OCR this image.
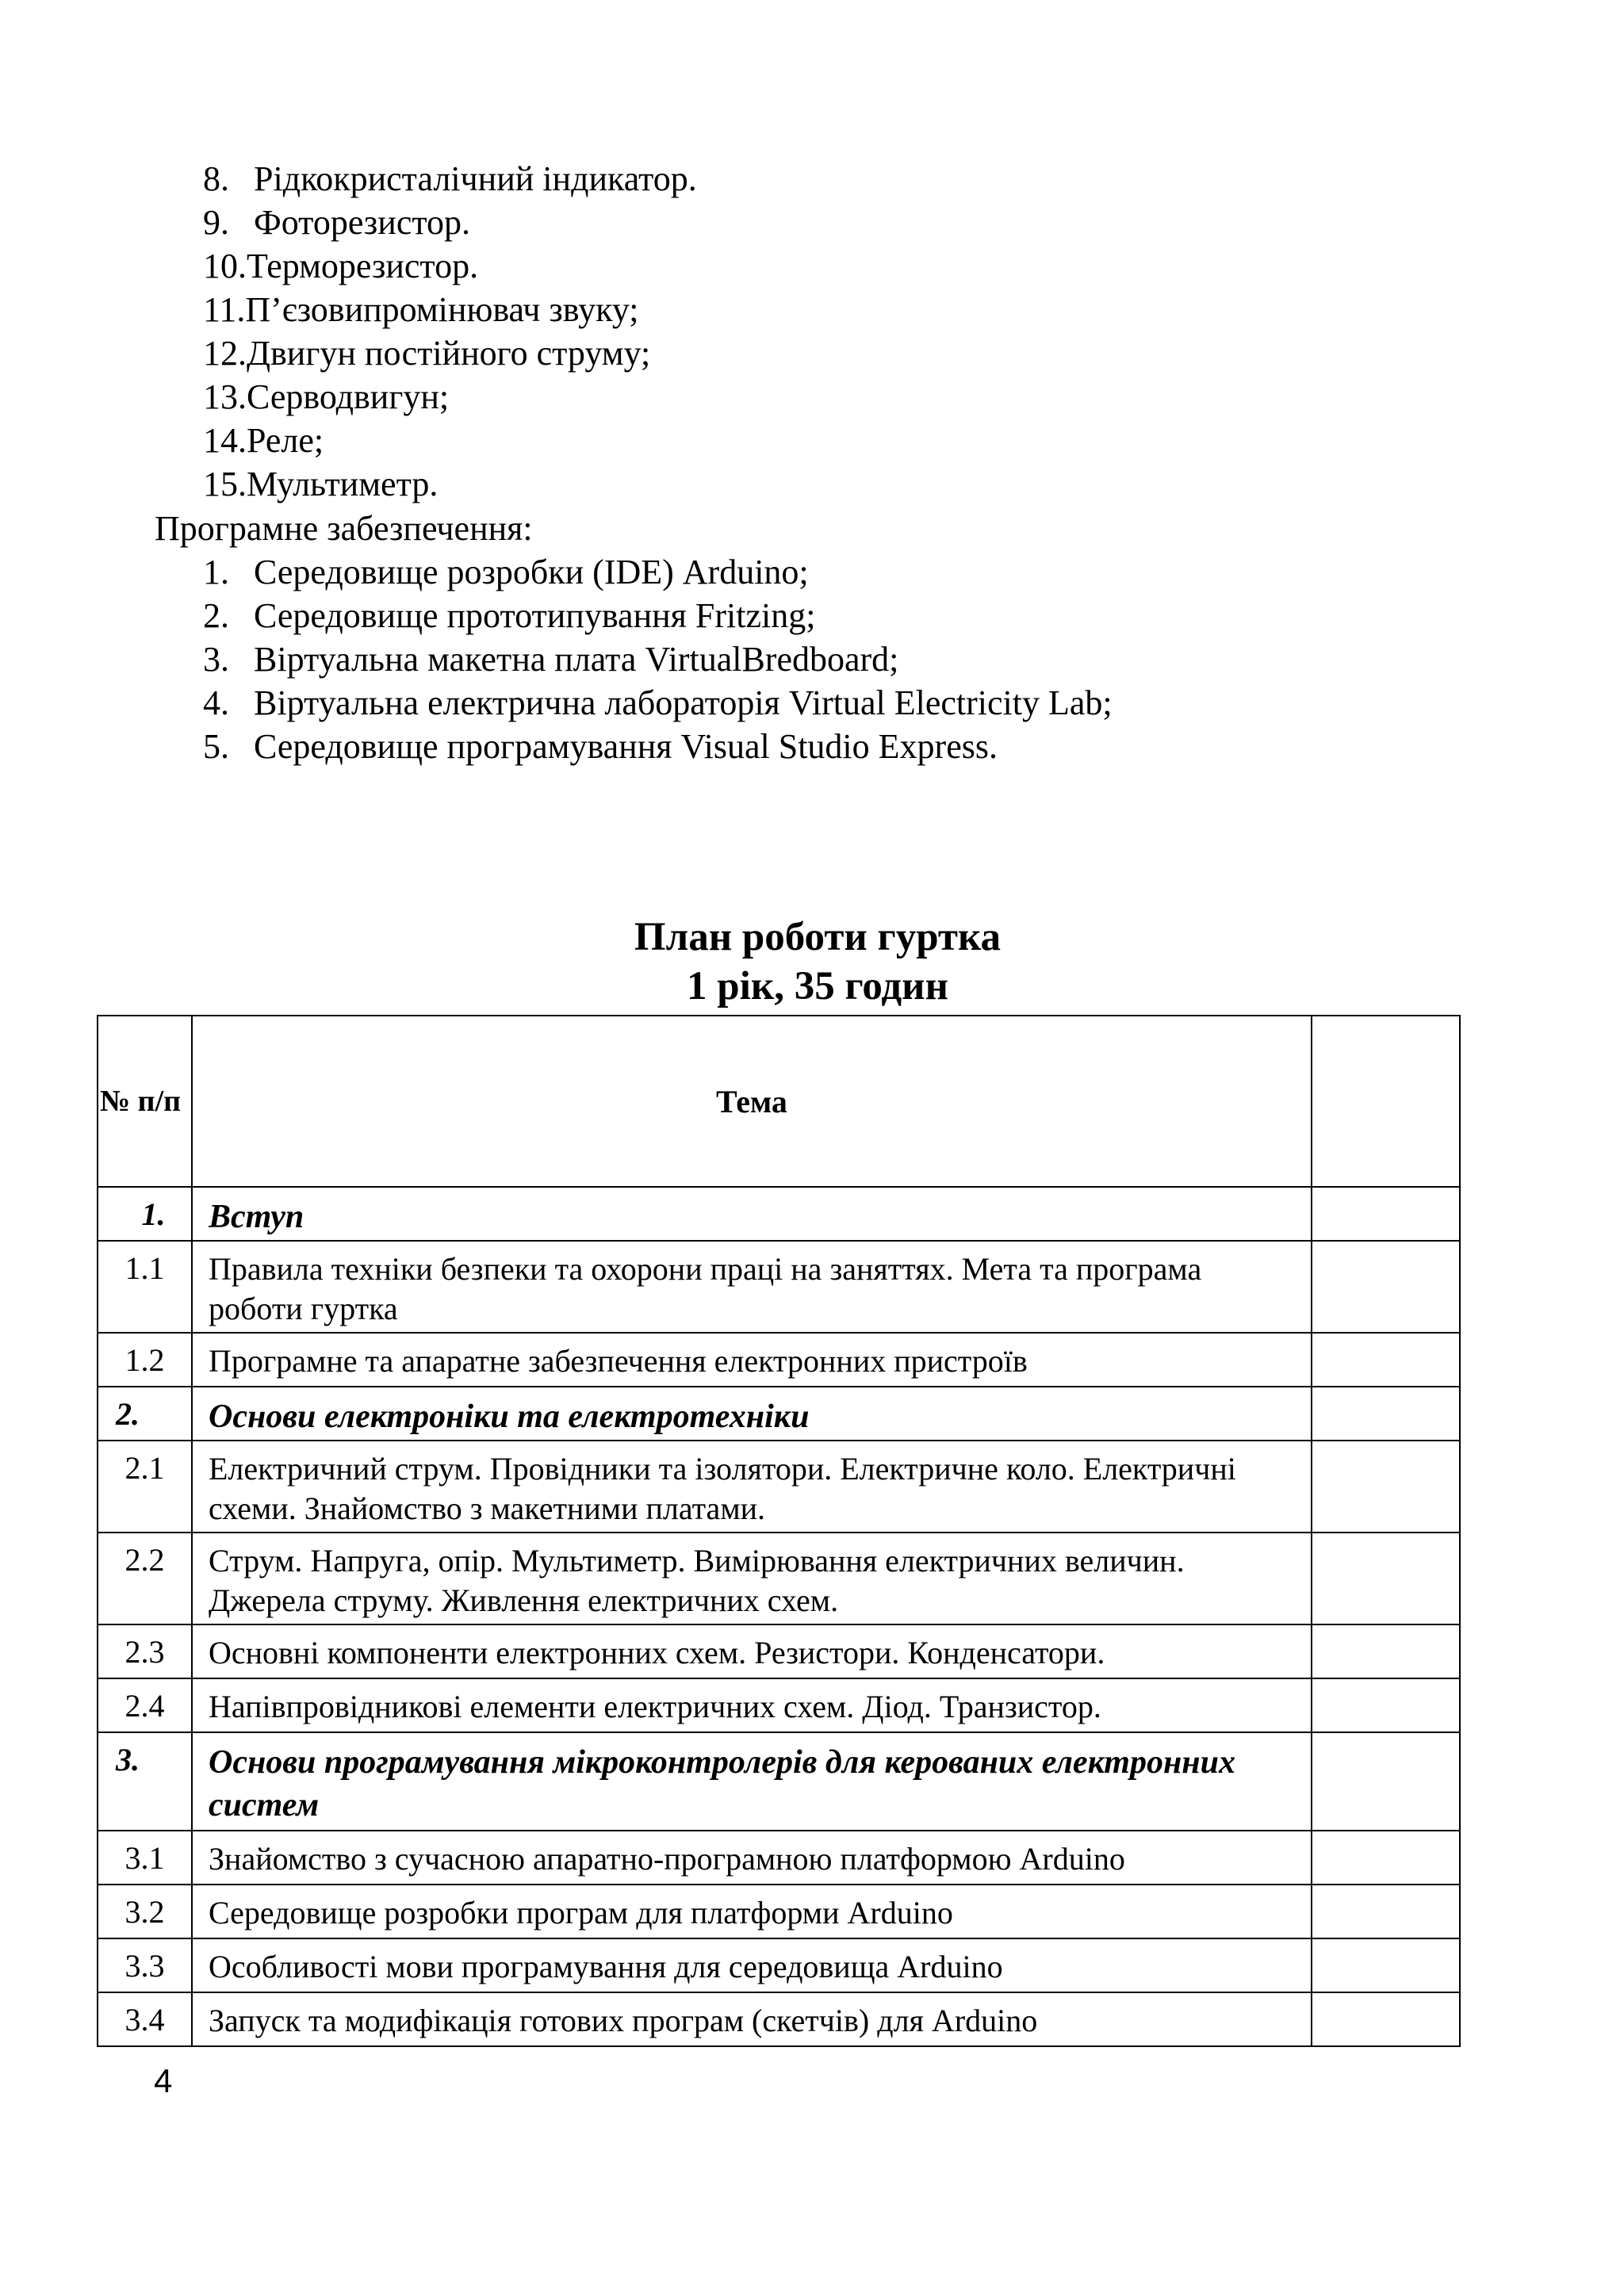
8. Рідкокристалічний індикатор.
9. Фоторезистор.
10.Терморезистор.
11.П’єзовипромінювач звуку;
12.Двигун постійного струму;
13.Серводвигун;
14.Реле;
15.Мультиметр.
Програмне забезпечення:
1. Середовище розробки (IDE) Arduino;
2. Середовище прототипування Fritzing;
3. Віртуальна макетна плата VirtualBredboard;
4. Віртуальна електрична лабораторія Virtual Electricity Lab;
5. Середовище програмування Visual Studio Express.
План роботи гуртка
1 рік, 35 годин
№ п/п	Тема	
1.	Вступ	
1.1	Правила техніки безпеки та охорони праці на заняттях. Мета та програма роботи гуртка	
1.2	Програмне та апаратне забезпечення електронних пристроїв	
2.	Основи електроніки та електротехніки	
2.1	Електричний струм. Провідники та ізолятори. Електричне коло. Електричні схеми. Знайомство з макетними платами.	
2.2	Струм. Напруга, опір. Мультиметр. Вимірювання електричних величин. Джерела струму. Живлення електричних схем.	
2.3	Основні компоненти електронних схем. Резистори. Конденсатори.	
2.4	Напівпровідникові елементи електричних схем. Діод. Транзистор.	
3.	Основи програмування мікроконтролерів для керованих електронних систем	
3.1	Знайомство з сучасною апаратно-програмною платформою Arduino	
3.2	Середовище розробки програм для платформи Arduino	
3.3	Особливості мови програмування для середовища Arduino	
3.4	Запуск та модифікація готових програм (скетчів) для Arduino	
4
